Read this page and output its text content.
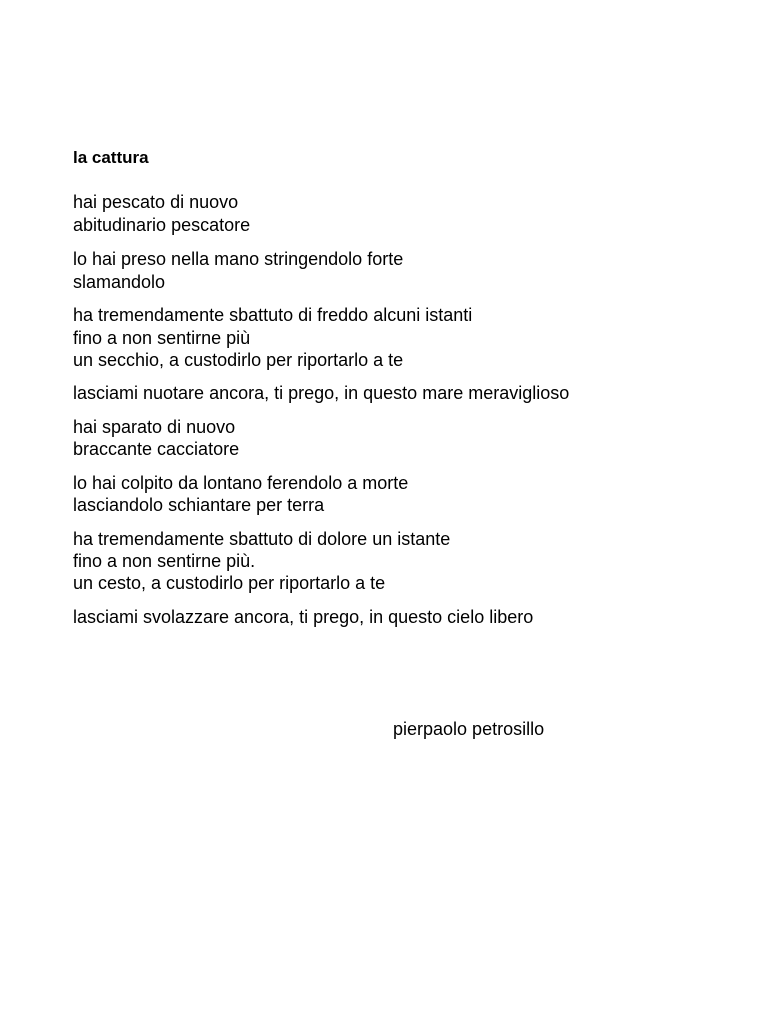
la cattura
hai pescato di nuovo
abitudinario pescatore
lo hai preso nella mano stringendolo forte
slamandolo
ha tremendamente sbattuto di freddo alcuni istanti
fino a non sentirne più
un secchio, a custodirlo per riportarlo a te
lasciami nuotare ancora, ti prego, in questo mare meraviglioso
hai sparato di nuovo
braccante cacciatore
lo hai colpito da lontano ferendolo a morte
lasciandolo schiantare per terra
ha tremendamente sbattuto di dolore un istante
fino a non sentirne più.
un cesto, a custodirlo per riportarlo a te
lasciami svolazzare ancora, ti prego, in questo cielo libero
pierpaolo petrosillo
